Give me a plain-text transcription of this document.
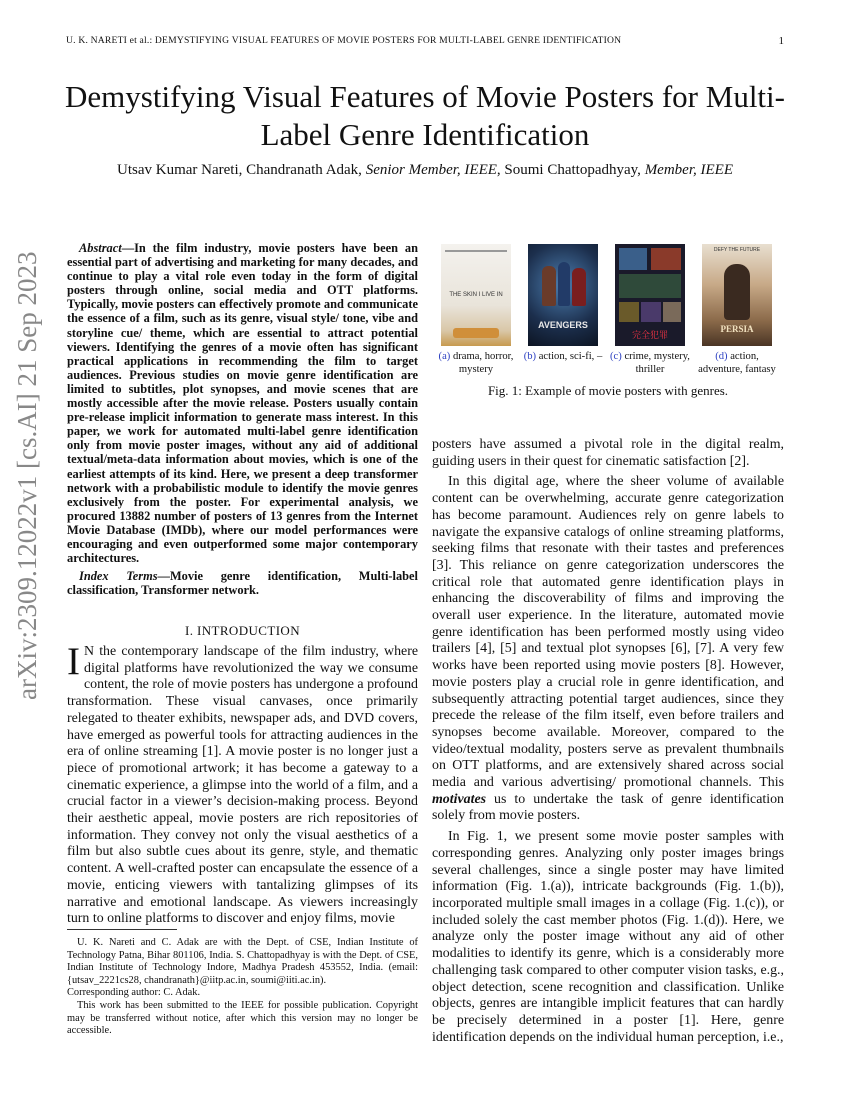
U. K. NARETI et al.: DEMYSTIFYING VISUAL FEATURES OF MOVIE POSTERS FOR MULTI-LABEL GENRE IDENTIFICATION	1
Demystifying Visual Features of Movie Posters for Multi-Label Genre Identification
Utsav Kumar Nareti, Chandranath Adak, Senior Member, IEEE, Soumi Chattopadhyay, Member, IEEE
arXiv:2309.12022v1 [cs.AI] 21 Sep 2023
Abstract—In the film industry, movie posters have been an essential part of advertising and marketing for many decades, and continue to play a vital role even today in the form of digital posters through online, social media and OTT platforms. Typically, movie posters can effectively promote and communicate the essence of a film, such as its genre, visual style/ tone, vibe and storyline cue/ theme, which are essential to attract potential viewers. Identifying the genres of a movie often has significant practical applications in recommending the film to target audiences. Previous studies on movie genre identification are limited to subtitles, plot synopses, and movie scenes that are mostly accessible after the movie release. Posters usually contain pre-release implicit information to generate mass interest. In this paper, we work for automated multi-label genre identification only from movie poster images, without any aid of additional textual/meta-data information about movies, which is one of the earliest attempts of its kind. Here, we present a deep transformer network with a probabilistic module to identify the movie genres exclusively from the poster. For experimental analysis, we procured 13882 number of posters of 13 genres from the Internet Movie Database (IMDb), where our model performances were encouraging and even outperformed some major contemporary architectures.
Index Terms—Movie genre identification, Multi-label classification, Transformer network.
I. INTRODUCTION
I N the contemporary landscape of the film industry, where digital platforms have revolutionized the way we consume content, the role of movie posters has undergone a profound transformation. These visual canvases, once primarily relegated to theater exhibits, newspaper ads, and DVD covers, have emerged as powerful tools for attracting audiences in the era of online streaming [1]. A movie poster is no longer just a piece of promotional artwork; it has become a gateway to a cinematic experience, a glimpse into the world of a film, and a crucial factor in a viewer’s decision-making process. Beyond their aesthetic appeal, movie posters are rich repositories of information. They convey not only the visual aesthetics of a film but also subtle cues about its genre, style, and thematic content. A well-crafted poster can encapsulate the essence of a movie, enticing viewers with tantalizing glimpses of its narrative and emotional landscape. As viewers increasingly turn to online platforms to discover and enjoy films, movie

U. K. Nareti and C. Adak are with the Dept. of CSE, Indian Institute of Technology Patna, Bihar 801106, India. S. Chattopadhyay is with the Dept. of CSE, Indian Institute of Technology Indore, Madhya Pradesh 453552, India. (email: {utsav_2221cs28, chandranath}@iitp.ac.in, soumi@iiti.ac.in).

Corresponding author: C. Adak.

This work has been submitted to the IEEE for possible publication. Copyright may be transferred without notice, after which this version may no longer be accessible.

THE SKIN I LIVE IN
AVENGERS
完全犯罪
DEFY THE FUTURE
PERSIA
(a) drama, horror, mystery
(b) action, sci-fi, – (c) crime, mystery, thriller
(d) action, adventure, fantasy
Fig. 1: Example of movie posters with genres.

posters have assumed a pivotal role in the digital realm, guiding users in their quest for cinematic satisfaction [2].

In this digital age, where the sheer volume of available content can be overwhelming, accurate genre categorization has become paramount. Audiences rely on genre labels to navigate the expansive catalogs of online streaming platforms, seeking films that resonate with their tastes and preferences [3]. This reliance on genre categorization underscores the critical role that automated genre identification plays in enhancing the discoverability of films and improving the overall user experience. In the literature, automated movie genre identification has been performed mostly using video trailers [4], [5] and textual plot synopses [6], [7]. A very few works have been reported using movie posters [8]. However, movie posters play a crucial role in genre identification, and subsequently attracting potential target audiences, since they precede the release of the film itself, even before trailers and synopses become available. Moreover, compared to the video/textual modality, posters serve as prevalent thumbnails on OTT platforms, and are extensively shared across social media and various advertising/ promotional channels. This motivates us to undertake the task of genre identification solely from movie posters.

In Fig. 1, we present some movie poster samples with corresponding genres. Analyzing only poster images brings several challenges, since a single poster may have limited information (Fig. 1.(a)), intricate backgrounds (Fig. 1.(b)), incorporated multiple small images in a collage (Fig. 1.(c)), or included solely the cast member photos (Fig. 1.(d)). Here, we analyze only the poster image without any aid of other modalities to identify its genre, which is a considerably more challenging task compared to other computer vision tasks, e.g., object detection, scene recognition and classification. Unlike objects, genres are intangible implicit features that can hardly be precisely determined in a poster [1]. Here, genre identification depends on the individual human perception, i.e.,
